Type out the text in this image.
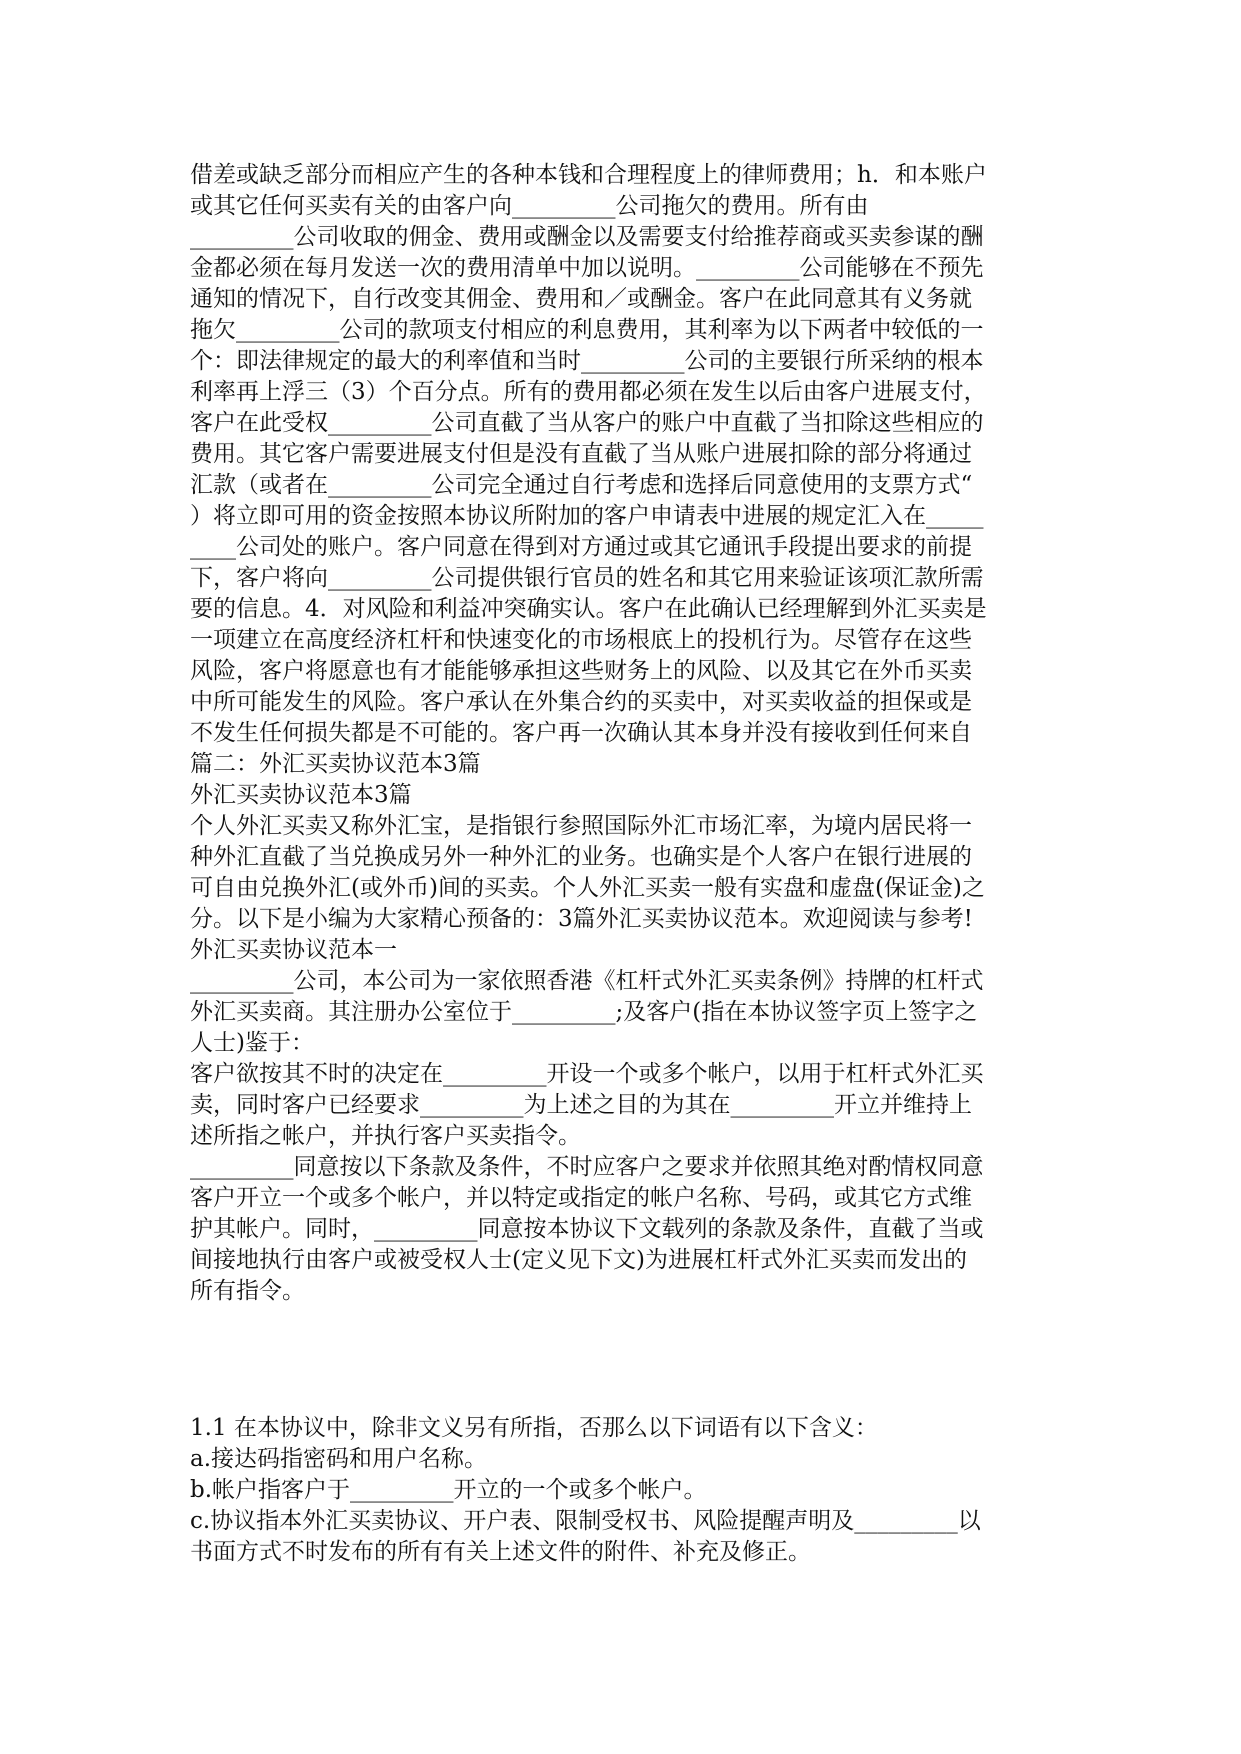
借差或缺乏部分而相应产生的各种本钱和合理程度上的律师费用；h．和本账户
或其它任何买卖有关的由客户向_________公司拖欠的费用。所有由
_________公司收取的佣金、费用或酬金以及需要支付给推荐商或买卖参谋的酬
金都必须在每月发送一次的费用清单中加以说明。_________公司能够在不预先
通知的情况下，自行改变其佣金、费用和／或酬金。客户在此同意其有义务就
拖欠_________公司的款项支付相应的利息费用，其利率为以下两者中较低的一
个：即法律规定的最大的利率值和当时_________公司的主要银行所采纳的根本
利率再上浮三（3）个百分点。所有的费用都必须在发生以后由客户进展支付，
客户在此受权_________公司直截了当从客户的账户中直截了当扣除这些相应的
费用。其它客户需要进展支付但是没有直截了当从账户进展扣除的部分将通过
汇款（或者在_________公司完全通过自行考虑和选择后同意使用的支票方式“
）将立即可用的资金按照本协议所附加的客户申请表中进展的规定汇入在_____
____公司处的账户。客户同意在得到对方通过或其它通讯手段提出要求的前提
下，客户将向_________公司提供银行官员的姓名和其它用来验证该项汇款所需
要的信息。4．对风险和利益冲突确实认。客户在此确认已经理解到外汇买卖是
一项建立在高度经济杠杆和快速变化的市场根底上的投机行为。尽管存在这些
风险，客户将愿意也有才能能够承担这些财务上的风险、以及其它在外币买卖
中所可能发生的风险。客户承认在外集合约的买卖中，对买卖收益的担保或是
不发生任何损失都是不可能的。客户再一次确认其本身并没有接收到任何来自
篇二：外汇买卖协议范本3篇
外汇买卖协议范本3篇
个人外汇买卖又称外汇宝，是指银行参照国际外汇市场汇率，为境内居民将一
种外汇直截了当兑换成另外一种外汇的业务。也确实是个人客户在银行进展的
可自由兑换外汇(或外币)间的买卖。个人外汇买卖一般有实盘和虚盘(保证金)之
分。以下是小编为大家精心预备的：3篇外汇买卖协议范本。欢迎阅读与参考!
外汇买卖协议范本一
_________公司，本公司为一家依照香港《杠杆式外汇买卖条例》持牌的杠杆式
外汇买卖商。其注册办公室位于_________;及客户(指在本协议签字页上签字之
人士)鉴于：
客户欲按其不时的决定在_________开设一个或多个帐户，以用于杠杆式外汇买
卖，同时客户已经要求_________为上述之目的为其在_________开立并维持上
述所指之帐户，并执行客户买卖指令。
_________同意按以下条款及条件，不时应客户之要求并依照其绝对酌情权同意
客户开立一个或多个帐户，并以特定或指定的帐户名称、号码，或其它方式维
护其帐户。同时，_________同意按本协议下文载列的条款及条件，直截了当或
间接地执行由客户或被受权人士(定义见下文)为进展杠杆式外汇买卖而发出的
所有指令。
1.1 在本协议中，除非文义另有所指，否那么以下词语有以下含义：
a.接达码指密码和用户名称。
b.帐户指客户于_________开立的一个或多个帐户。
c.协议指本外汇买卖协议、开户表、限制受权书、风险提醒声明及_________以
书面方式不时发布的所有有关上述文件的附件、补充及修正。
